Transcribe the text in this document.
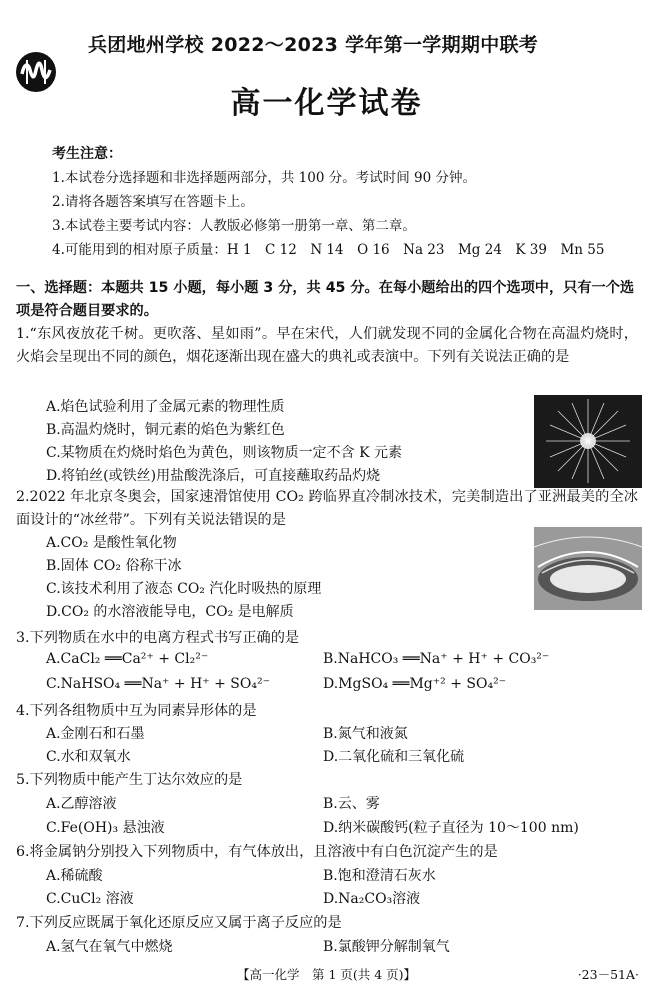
兵团地州学校 2022～2023 学年第一学期期中联考
高一化学试卷
考生注意：
1.本试卷分选择题和非选择题两部分，共 100 分。考试时间 90 分钟。
2.请将各题答案填写在答题卡上。
3.本试卷主要考试内容：人教版必修第一册第一章、第二章。
4.可能用到的相对原子质量：H 1　C 12　N 14　O 16　Na 23　Mg 24　K 39　Mn 55
一、选择题：本题共 15 小题，每小题 3 分，共 45 分。在每小题给出的四个选项中，只有一个选项是符合题目要求的。
1.“东风夜放花千树。更吹落、星如雨”。早在宋代，人们就发现不同的金属化合物在高温灼烧时，火焰会呈现出不同的颜色，烟花逐渐出现在盛大的典礼或表演中。下列有关说法正确的是
A.焰色试验利用了金属元素的物理性质
B.高温灼烧时，铜元素的焰色为紫红色
C.某物质在灼烧时焰色为黄色，则该物质一定不含 K 元素
D.将铂丝(或铁丝)用盐酸洗涤后，可直接蘸取药品灼烧
2.2022 年北京冬奥会，国家速滑馆使用 CO₂ 跨临界直冷制冰技术，完美制造出了亚洲最美的全冰面设计的“冰丝带”。下列有关说法错误的是
A.CO₂ 是酸性氧化物
B.固体 CO₂ 俗称干冰
C.该技术利用了液态 CO₂ 汽化时吸热的原理
D.CO₂ 的水溶液能导电，CO₂ 是电解质
3.下列物质在水中的电离方程式书写正确的是
A.CaCl₂ ══Ca²⁺ + Cl₂²⁻	B.NaHCO₃ ══Na⁺ + H⁺ + CO₃²⁻
C.NaHSO₄ ══Na⁺ + H⁺ + SO₄²⁻	D.MgSO₄ ══Mg⁺² + SO₄²⁻
4.下列各组物质中互为同素异形体的是
A.金刚石和石墨	B.氮气和液氮
C.水和双氧水	D.二氧化硫和三氧化硫
5.下列物质中能产生丁达尔效应的是
A.乙醇溶液	B.云、雾
C.Fe(OH)₃ 悬浊液	D.纳米碳酸钙(粒子直径为 10～100 nm)
6.将金属钠分别投入下列物质中，有气体放出，且溶液中有白色沉淀产生的是
A.稀硫酸	B.饱和澄清石灰水
C.CuCl₂ 溶液	D.Na₂CO₃溶液
7.下列反应既属于氧化还原反应又属于离子反应的是
A.氢气在氧气中燃烧	B.氯酸钾分解制氧气
【高一化学　第 1 页(共 4 页)】	·23－51A·
